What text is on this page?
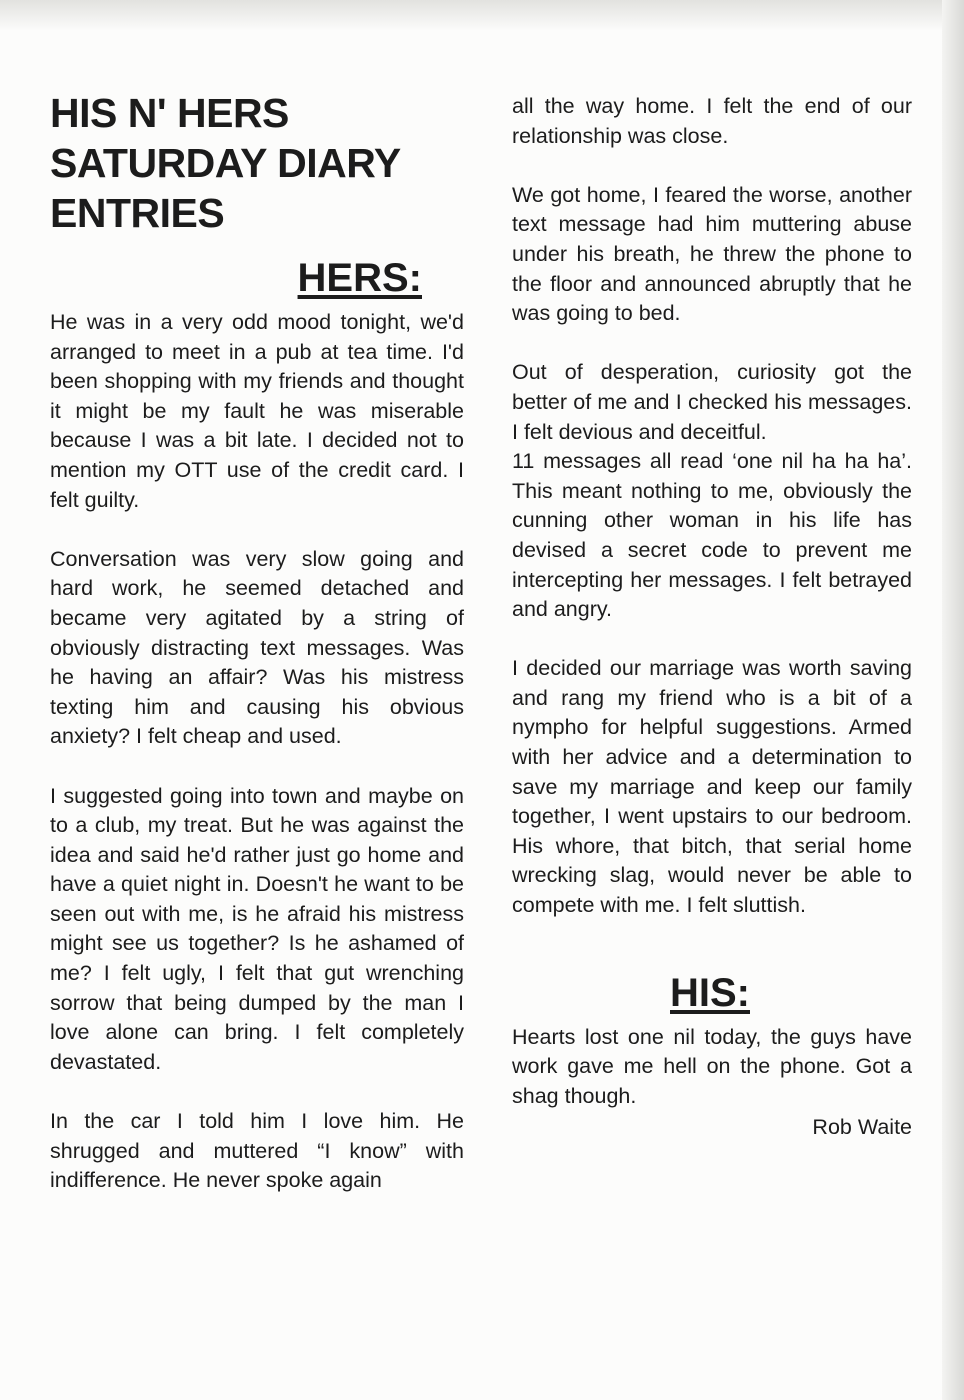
HIS N' HERS SATURDAY DIARY ENTRIES
HERS:

He was in a very odd mood tonight, we'd arranged to meet in a pub at tea time. I'd been shopping with my friends and thought it might be my fault he was miserable because I was a bit late. I decided not to mention my OTT use of the credit card. I felt guilty.

Conversation was very slow going and hard work, he seemed detached and became very agitated by a string of obviously distracting text messages. Was he having an affair? Was his mistress texting him and causing his obvious anxiety? I felt cheap and used.

I suggested going into town and maybe on to a club, my treat. But he was against the idea and said he'd rather just go home and have a quiet night in. Doesn't he want to be seen out with me, is he afraid his mistress might see us together? Is he ashamed of me? I felt ugly, I felt that gut wrenching sorrow that being dumped by the man I love alone can bring. I felt completely devastated.

In the car I told him I love him. He shrugged and muttered “I know” with indifference. He never spoke again

all the way home. I felt the end of our relationship was close.

We got home, I feared the worse, another text message had him muttering abuse under his breath, he threw the phone to the floor and announced abruptly that he was going to bed.

Out of desperation, curiosity got the better of me and I checked his messages. I felt devious and deceitful.

11 messages all read ‘one nil ha ha ha’. This meant nothing to me, obviously the cunning other woman in his life has devised a secret code to prevent me intercepting her messages. I felt betrayed and angry.

I decided our marriage was worth saving and rang my friend who is a bit of a nympho for helpful suggestions. Armed with her advice and a determination to save my marriage and keep our family together, I went upstairs to our bedroom. His whore, that bitch, that serial home wrecking slag, would never be able to compete with me. I felt sluttish.

HIS:

Hearts lost one nil today, the guys have work gave me hell on the phone. Got a shag though.

Rob Waite
